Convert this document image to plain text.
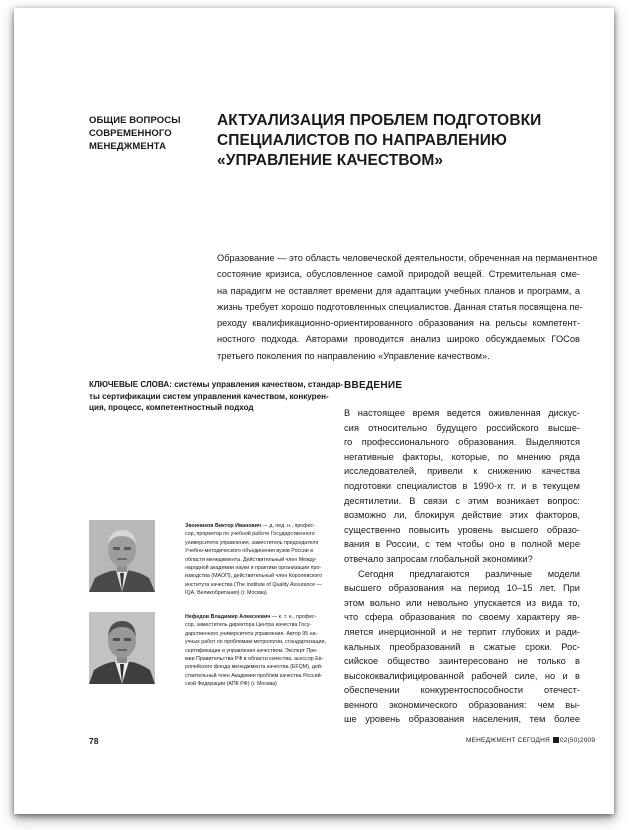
ОБЩИЕ ВОПРОСЫ
СОВРЕМЕННОГО
МЕНЕДЖМЕНТА
АКТУАЛИЗАЦИЯ ПРОБЛЕМ ПОДГОТОВКИ
СПЕЦИАЛИСТОВ ПО НАПРАВЛЕНИЮ
«УПРАВЛЕНИЕ КАЧЕСТВОМ»
Образование — это область человеческой деятельности, обреченная на перманентное
состояние кризиса, обусловленное самой природой вещей. Стремительная сме-
на парадигм не оставляет времени для адаптации учебных планов и программ, а
жизнь требует хорошо подготовленных специалистов. Данная статья посвящена пе-
реходу квалификационно-ориентированного образования на рельсы компетент-
ностного подхода. Авторами проводится анализ широко обсуждаемых ГОСов
третьего поколения по направлению «Управление качеством».
КЛЮЧЕВЫЕ СЛОВА: системы управления качеством, стандар-
ты сертификации систем управления качеством, конкурен-
ция, процесс, компетентностный подход
ВВЕДЕНИЕ
В настоящее время ведется оживленная дискус-
сия относительно будущего российского высше-
го профессионального образования. Выделяются
негативные факторы, которые, по мнению ряда
исследователей, привели к снижению качества
подготовки специалистов в 1990-х гг. и в текущем
десятилетии. В связи с этим возникает вопрос:
возможно ли, блокируя действие этих факторов,
существенно повысить уровень высшего образо-
вания в России, с тем чтобы оно в полной мере
отвечало запросам глобальной экономики?
Сегодня предлагаются различные модели
высшего образования на период 10–15 лет. При
этом вольно или невольно упускается из вида то,
что сфера образования по своему характеру яв-
ляется инерционной и не терпит глубоких и ради-
кальных преобразований в сжатые сроки. Рос-
сийское общество заинтересовано не только в
высококвалифицированной рабочей силе, но и в
обеспечении конкурентоспособности отечест-
венного экономического образования: чем вы-
ше уровень образования населения, тем более
Звонников Виктор Иванович — д. пед. н., профес-
сор, проректор по учебной работе Государственного
университета управления, заместитель председателя
Учебно-методического объединения вузов России в
области менеджмента. Действительный член Между-
народной академии науки и практики организации про-
изводства (МАОП), действительный член Королевского
института качества (The Institute of Quality Assurance —
IQA, Великобритания) (г. Москва)
Нефедов Владимир Алексеевич — к. т. н., профес-
сор, заместитель директора Центра качества Госу-
дарственного университета управления. Автор 95 на-
учных работ по проблемам метрологии, стандартизации,
сертификации и управления качеством. Эксперт Пре-
мии Правительства РФ в области качества, асессор Ев-
ропейского фонда менеджмента качества (EFQM), дей-
ствительный член Академии проблем качества Россий-
ской Федерации (АПК РФ) (г. Москва)
78	МЕНЕДЖМЕНТ СЕГОДНЯ 02(50)2009
